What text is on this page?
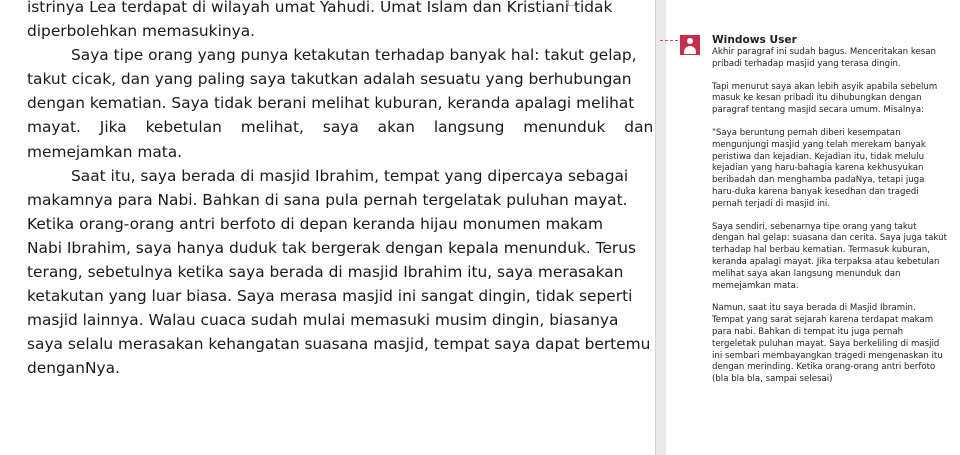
istrinya Lea terdapat di wilayah umat Yahudi. Umat Islam dan Kristiani tidak
diperbolehkan memasukinya.
Saya tipe orang yang punya ketakutan terhadap banyak hal: takut gelap,
takut cicak, dan yang paling saya takutkan adalah sesuatu yang berhubungan
dengan kematian. Saya tidak berani melihat kuburan, keranda apalagi melihat
mayat. Jika kebetulan melihat, saya akan langsung menunduk dan
memejamkan mata.
Saat itu, saya berada di masjid Ibrahim, tempat yang dipercaya sebagai
makamnya para Nabi. Bahkan di sana pula pernah tergelatak puluhan mayat.
Ketika orang-orang antri berfoto di depan keranda hijau monumen makam
Nabi Ibrahim, saya hanya duduk tak bergerak dengan kepala menunduk. Terus
terang, sebetulnya ketika saya berada di masjid Ibrahim itu, saya merasakan
ketakutan yang luar biasa. Saya merasa masjid ini sangat dingin, tidak seperti
masjid lainnya. Walau cuaca sudah mulai memasuki musim dingin, biasanya
saya selalu merasakan kehangatan suasana masjid, tempat saya dapat bertemu
denganNya.
Windows User
Akhir paragraf ini sudah bagus. Menceritakan kesan
pribadi terhadap masjid yang terasa dingin.
Tapi menurut saya akan lebih asyik apabila sebelum
masuk ke kesan pribadi itu dihubungkan dengan
paragraf tentang masjid secara umum. Misalnya:
"Saya beruntung pernah diberi kesempatan
mengunjungi masjid yang telah merekam banyak
peristiwa dan kejadian. Kejadian itu, tidak melulu
kejadian yang haru-bahagia karena kekhusyukan
beribadah dan menghamba padaNya, tetapi juga
haru-duka karena banyak kesedhan dan tragedi
pernah terjadi di masjid ini.
Saya sendiri, sebenarnya tipe orang yang takut
dengan hal gelap: suasana dan cerita. Saya juga takut
terhadap hal berbau kematian. Termasuk kuburan,
keranda apalagi mayat. Jika terpaksa atau kebetulan
melihat saya akan langsung menunduk dan
memejamkan mata.
Namun, saat itu saya berada di Masjid Ibramin.
Tempat yang sarat sejarah karena terdapat makam
para nabi. Bahkan di tempat itu juga pernah
tergeletak puluhan mayat. Saya berkeliling di masjid
ini sembari membayangkan tragedi mengenaskan itu
dengan merinding. Ketika orang-orang antri berfoto
(bla bla bla, sampai selesai)
